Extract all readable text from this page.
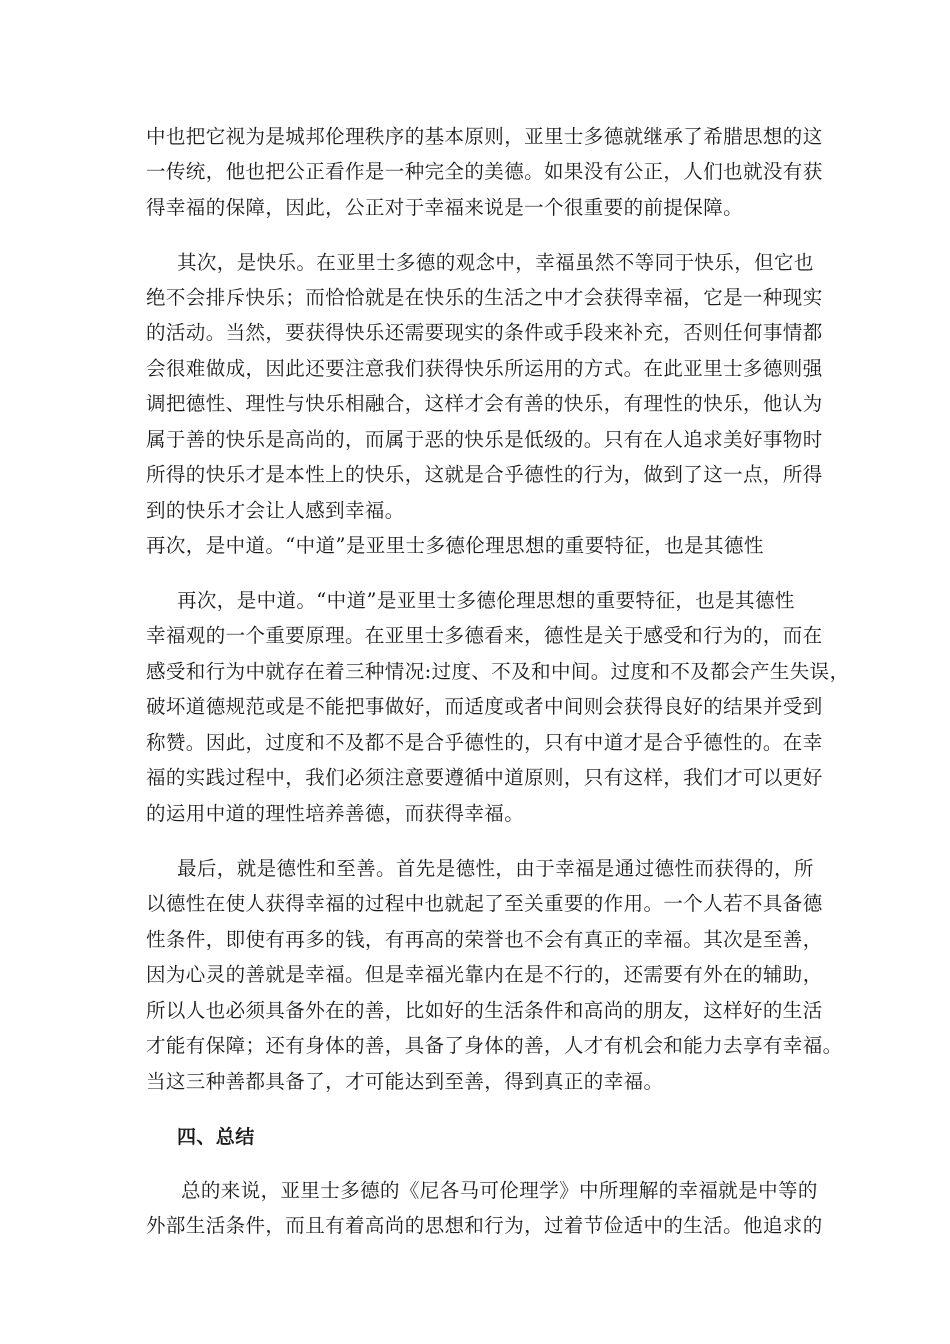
中也把它视为是城邦伦理秩序的基本原则，亚里士多德就继承了希腊思想的这
一传统，他也把公正看作是一种完全的美德。如果没有公正，人们也就没有获
得幸福的保障，因此，公正对于幸福来说是一个很重要的前提保障。
其次，是快乐。在亚里士多德的观念中，幸福虽然不等同于快乐，但它也
绝不会排斥快乐；而恰恰就是在快乐的生活之中才会获得幸福，它是一种现实
的活动。当然，要获得快乐还需要现实的条件或手段来补充，否则任何事情都
会很难做成，因此还要注意我们获得快乐所运用的方式。在此亚里士多德则强
调把德性、理性与快乐相融合，这样才会有善的快乐，有理性的快乐，他认为
属于善的快乐是高尚的，而属于恶的快乐是低级的。只有在人追求美好事物时
所得的快乐才是本性上的快乐，这就是合乎德性的行为，做到了这一点，所得
到的快乐才会让人感到幸福。
再次，是中道。“中道”是亚里士多德伦理思想的重要特征，也是其德性
再次，是中道。“中道”是亚里士多德伦理思想的重要特征，也是其德性
幸福观的一个重要原理。在亚里士多德看来，德性是关于感受和行为的，而在
感受和行为中就存在着三种情况:过度、不及和中间。过度和不及都会产生失误，
破坏道德规范或是不能把事做好，而适度或者中间则会获得良好的结果并受到
称赞。因此，过度和不及都不是合乎德性的，只有中道才是合乎德性的。在幸
福的实践过程中，我们必须注意要遵循中道原则，只有这样，我们才可以更好
的运用中道的理性培养善德，而获得幸福。
最后，就是德性和至善。首先是德性，由于幸福是通过德性而获得的，所
以德性在使人获得幸福的过程中也就起了至关重要的作用。一个人若不具备德
性条件，即使有再多的钱，有再高的荣誉也不会有真正的幸福。其次是至善，
因为心灵的善就是幸福。但是幸福光靠内在是不行的，还需要有外在的辅助，
所以人也必须具备外在的善，比如好的生活条件和高尚的朋友，这样好的生活
才能有保障；还有身体的善，具备了身体的善，人才有机会和能力去享有幸福。
当这三种善都具备了，才可能达到至善，得到真正的幸福。
四、总结
总的来说，亚里士多德的《尼各马可伦理学》中所理解的幸福就是中等的
外部生活条件，而且有着高尚的思想和行为，过着节俭适中的生活。他追求的
